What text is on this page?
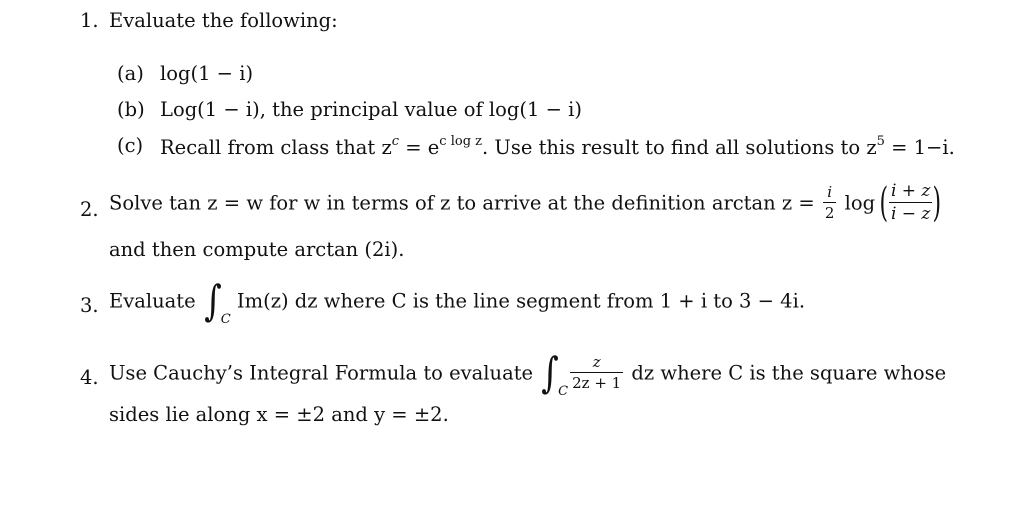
1. Evaluate the following:
(a) log(1 − i)
(b) Log(1 − i), the principal value of log(1 − i)
(c) Recall from class that $z^c = e^{c log z}$. Use this result to find all solutions to $z^5 = 1-i$.
2. Solve tan z = w for w in terms of z to arrive at the definition $\arctan z = \frac{i}{2}$ log ( $\frac{i + z}{i - z}$ )
and then compute arctan (2i).
3. Evaluate $\int_C$ Im(z) dz where C is the line segment from 1 + i to 3 − 4i.
4. Use Cauchy’s Integral Formula to evaluate $\int_C \frac{z}{2z + 1}$ dz where C is the square whose
sides lie along x = ±2 and y = ±2.
